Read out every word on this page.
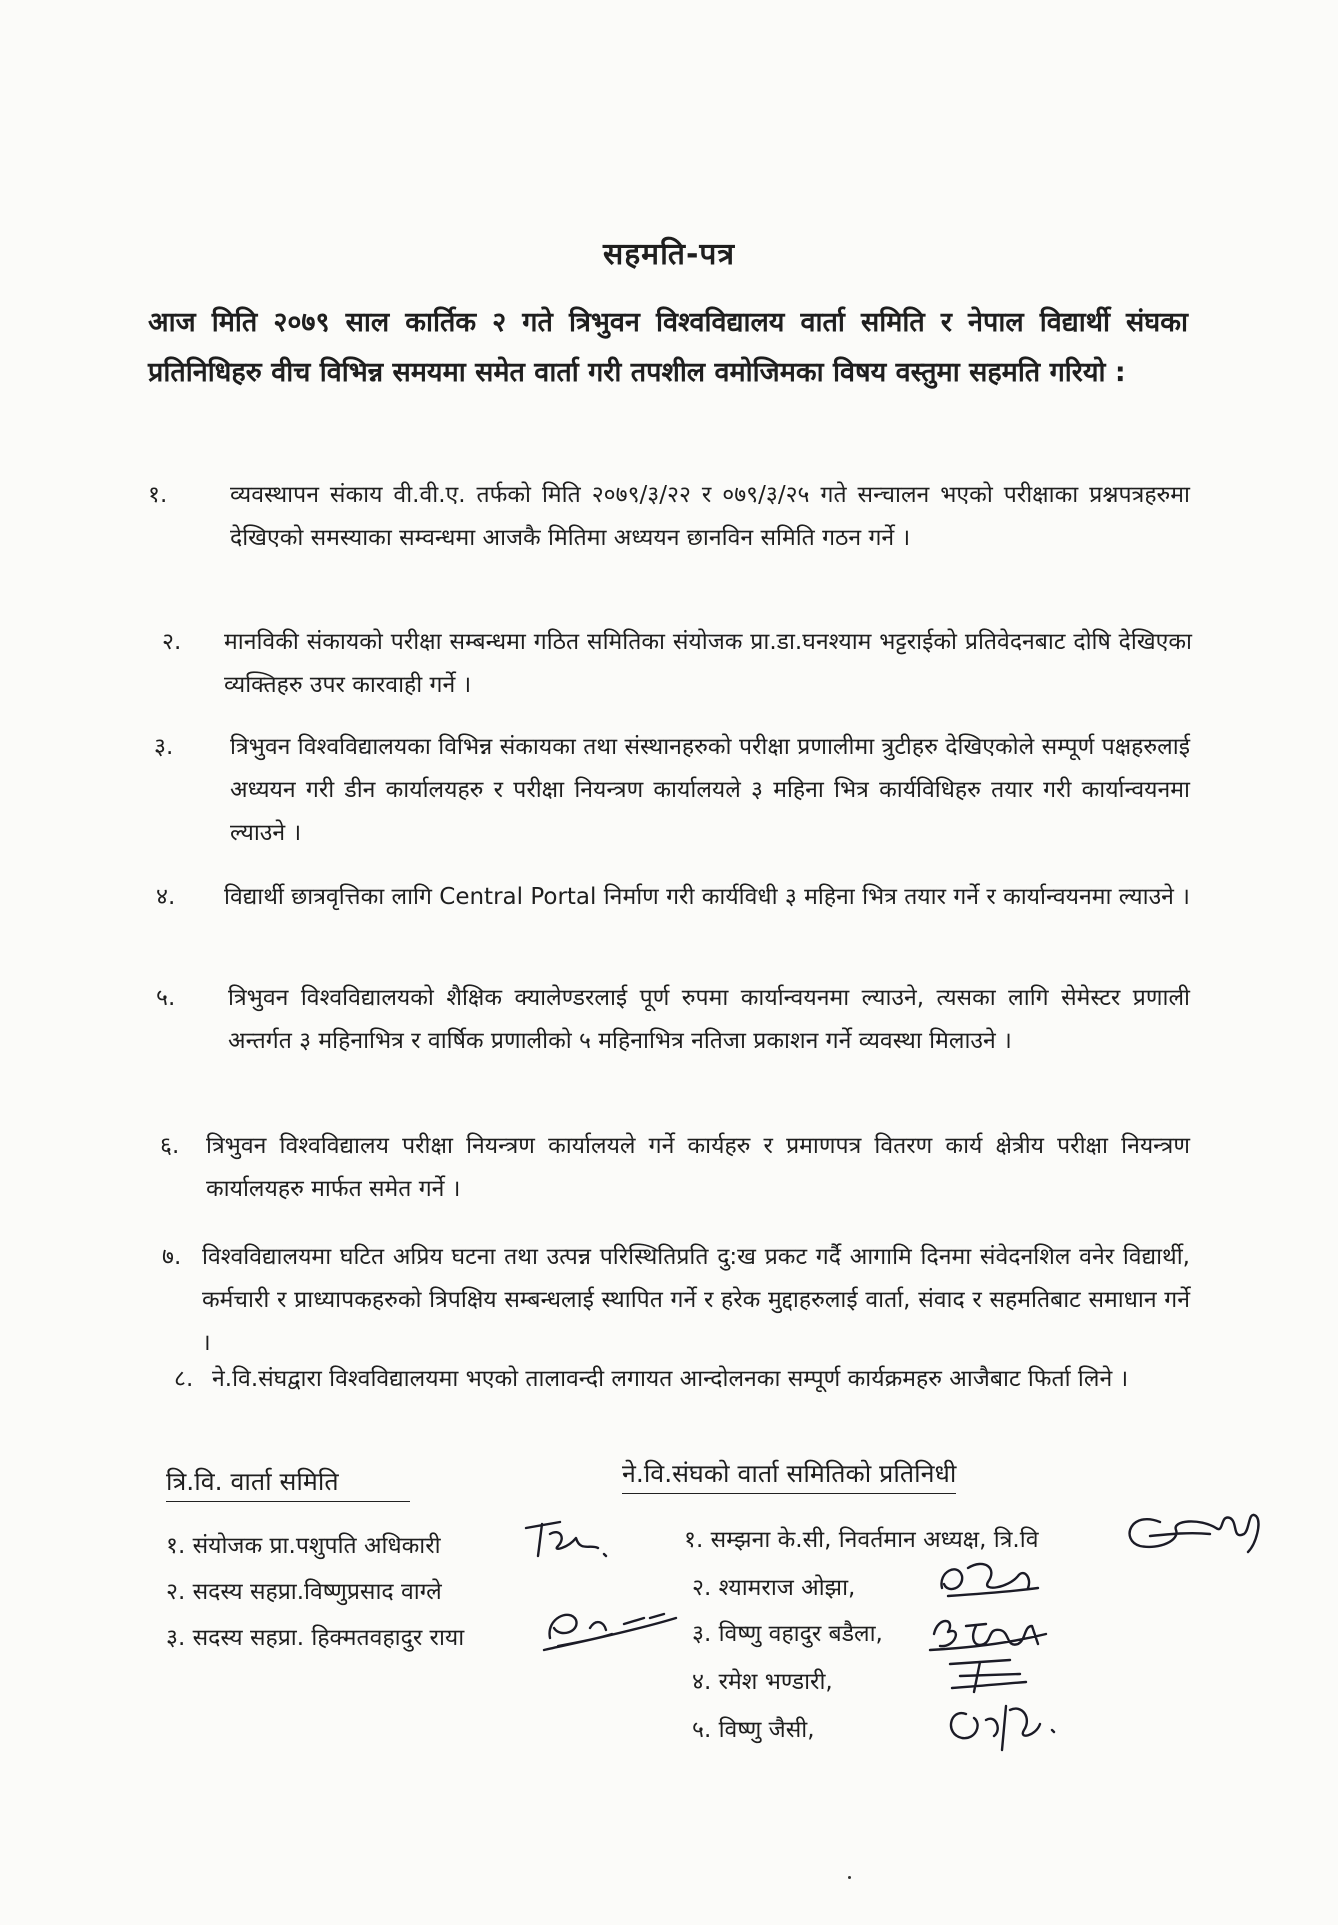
सहमति-पत्र
आज मिति २०७९ साल कार्तिक २ गते त्रिभुवन विश्वविद्यालय वार्ता समिति र नेपाल विद्यार्थी संघका प्रतिनिधिहरु वीच विभिन्न समयमा समेत वार्ता गरी तपशील वमोजिमका विषय वस्तुमा सहमति गरियो :
१.	व्यवस्थापन संकाय वी.वी.ए. तर्फको मिति २०७९/३/२२ र ०७९/३/२५ गते सन्चालन भएको परीक्षाका प्रश्नपत्रहरुमा देखिएको समस्याका सम्वन्धमा आजकै मितिमा अध्ययन छानविन समिति गठन गर्ने ।
२. मानविकी संकायको परीक्षा सम्बन्धमा गठित समितिका संयोजक प्रा.डा.घनश्याम भट्टराईको प्रतिवेदनबाट दोषि देखिएका व्यक्तिहरु उपर कारवाही गर्ने ।
३. त्रिभुवन विश्वविद्यालयका विभिन्न संकायका तथा संस्थानहरुको परीक्षा प्रणालीमा त्रुटीहरु देखिएकोले सम्पूर्ण पक्षहरुलाई अध्ययन गरी डीन कार्यालयहरु र परीक्षा नियन्त्रण कार्यालयले ३ महिना भित्र कार्यविधिहरु तयार गरी कार्यान्वयनमा ल्याउने ।
४. विद्यार्थी छात्रवृत्तिका लागि Central Portal निर्माण गरी कार्यविधी ३ महिना भित्र तयार गर्ने र कार्यान्वयनमा ल्याउने ।
५. त्रिभुवन विश्वविद्यालयको शैक्षिक क्यालेण्डरलाई पूर्ण रुपमा कार्यान्वयनमा ल्याउने, त्यसका लागि सेमेस्टर प्रणाली अन्तर्गत ३ महिनाभित्र र वार्षिक प्रणालीको ५ महिनाभित्र नतिजा प्रकाशन गर्ने व्यवस्था मिलाउने ।
६. त्रिभुवन विश्वविद्यालय परीक्षा नियन्त्रण कार्यालयले गर्ने कार्यहरु र प्रमाणपत्र वितरण कार्य क्षेत्रीय परीक्षा नियन्त्रण कार्यालयहरु मार्फत समेत गर्ने ।
७. विश्वविद्यालयमा घटित अप्रिय घटना तथा उत्पन्न परिस्थितिप्रति दु:ख प्रकट गर्दै आगामि दिनमा संवेदनशिल वनेर विद्यार्थी, कर्मचारी र प्राध्यापकहरुको त्रिपक्षिय सम्बन्धलाई स्थापित गर्ने र हरेक मुद्दाहरुलाई वार्ता, संवाद र सहमतिबाट समाधान गर्ने ।
८. ने.वि.संघद्वारा विश्वविद्यालयमा भएको तालावन्दी लगायत आन्दोलनका सम्पूर्ण कार्यक्रमहरु आजैबाट फिर्ता लिने ।
त्रि.वि. वार्ता समिति
१. संयोजक प्रा.पशुपति अधिकारी
२. सदस्य सहप्रा.विष्णुप्रसाद वाग्ले
३. सदस्य सहप्रा. हिक्मतवहादुर राया
ने.वि.संघको वार्ता समितिको प्रतिनिधी
१. सम्झना के.सी, निवर्तमान अध्यक्ष, त्रि.वि
२. श्यामराज ओझा,
३. विष्णु वहादुर बडैला,
४. रमेश भण्डारी,
५. विष्णु जैसी,
